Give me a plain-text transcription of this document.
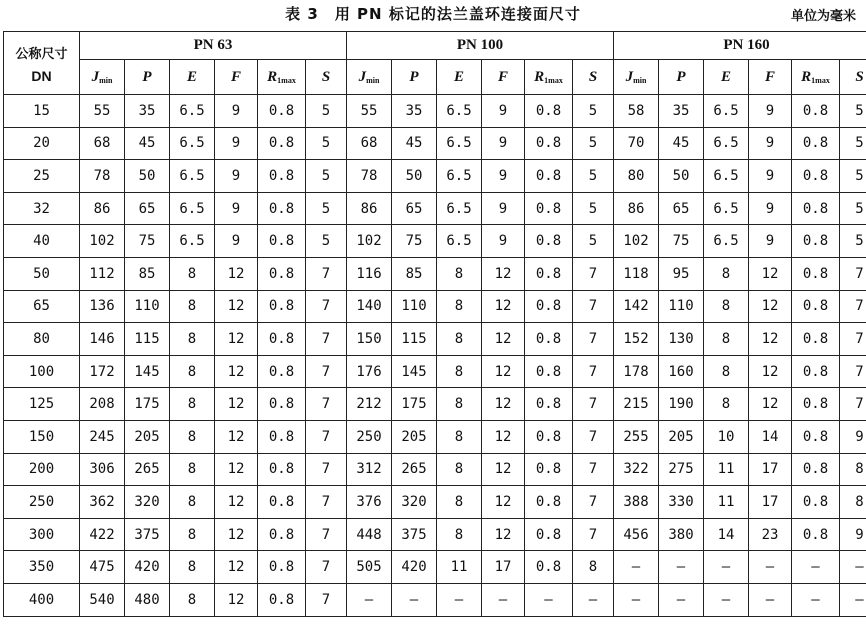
表 3　用 PN 标记的法兰盖环连接面尺寸	单位为毫米
公称尺寸
DN	PN 63						PN 100						PN 160					
	$J_{min}$	P	E	F	$R_{1max}$	S	$J_{min}$	P	E	F	$R_{1max}$	S	$J_{min}$	P	E	F	$R_{1max}$	S
15	55	35	6.5	9	0.8	5	55	35	6.5	9	0.8	5	58	35	6.5	9	0.8	5
20	68	45	6.5	9	0.8	5	68	45	6.5	9	0.8	5	70	45	6.5	9	0.8	5
25	78	50	6.5	9	0.8	5	78	50	6.5	9	0.8	5	80	50	6.5	9	0.8	5
32	86	65	6.5	9	0.8	5	86	65	6.5	9	0.8	5	86	65	6.5	9	0.8	5
40	102	75	6.5	9	0.8	5	102	75	6.5	9	0.8	5	102	75	6.5	9	0.8	5
50	112	85	8	12	0.8	7	116	85	8	12	0.8	7	118	95	8	12	0.8	7
65	136	110	8	12	0.8	7	140	110	8	12	0.8	7	142	110	8	12	0.8	7
80	146	115	8	12	0.8	7	150	115	8	12	0.8	7	152	130	8	12	0.8	7
100	172	145	8	12	0.8	7	176	145	8	12	0.8	7	178	160	8	12	0.8	7
125	208	175	8	12	0.8	7	212	175	8	12	0.8	7	215	190	8	12	0.8	7
150	245	205	8	12	0.8	7	250	205	8	12	0.8	7	255	205	10	14	0.8	9
200	306	265	8	12	0.8	7	312	265	8	12	0.8	7	322	275	11	17	0.8	8
250	362	320	8	12	0.8	7	376	320	8	12	0.8	7	388	330	11	17	0.8	8
300	422	375	8	12	0.8	7	448	375	8	12	0.8	7	456	380	14	23	0.8	9
350	475	420	8	12	0.8	7	505	420	11	17	0.8	8	—	—	—	—	—	—
400	540	480	8	12	0.8	7	—	—	—	—	—	—	—	—	—	—	—	—
